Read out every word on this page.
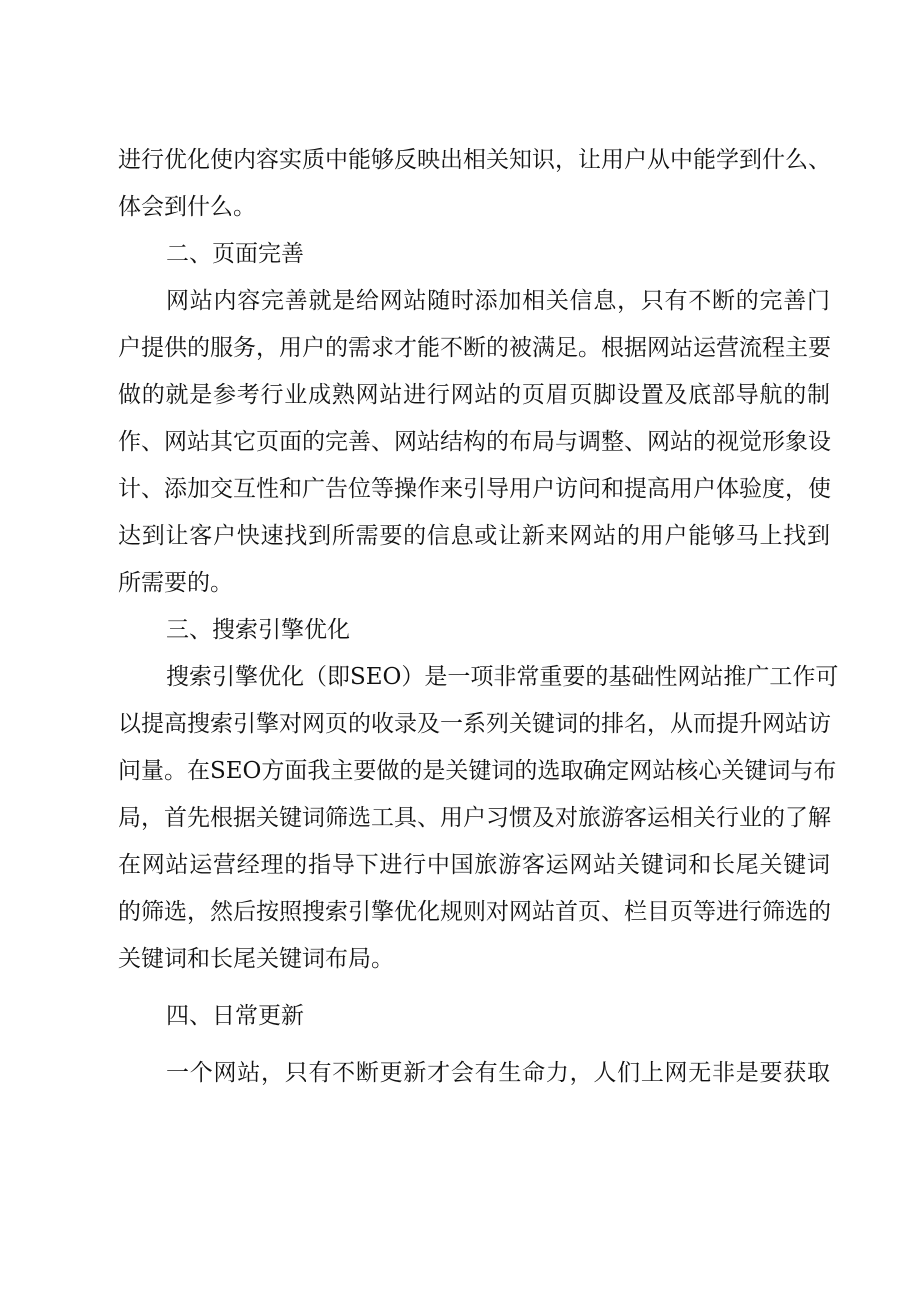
进行优化使内容实质中能够反映出相关知识，让用户从中能学到什么、
体会到什么。
二、页面完善
网站内容完善就是给网站随时添加相关信息，只有不断的完善门
户提供的服务，用户的需求才能不断的被满足。根据网站运营流程主要
做的就是参考行业成熟网站进行网站的页眉页脚设置及底部导航的制
作、网站其它页面的完善、网站结构的布局与调整、网站的视觉形象设
计、添加交互性和广告位等操作来引导用户访问和提高用户体验度，使
达到让客户快速找到所需要的信息或让新来网站的用户能够马上找到
所需要的。
三、搜索引擎优化
搜索引擎优化（即SEO）是一项非常重要的基础性网站推广工作可
以提高搜索引擎对网页的收录及一系列关键词的排名，从而提升网站访
问量。在SEO方面我主要做的是关键词的选取确定网站核心关键词与布
局，首先根据关键词筛选工具、用户习惯及对旅游客运相关行业的了解
在网站运营经理的指导下进行中国旅游客运网站关键词和长尾关键词
的筛选，然后按照搜索引擎优化规则对网站首页、栏目页等进行筛选的
关键词和长尾关键词布局。
四、日常更新
一个网站，只有不断更新才会有生命力，人们上网无非是要获取
